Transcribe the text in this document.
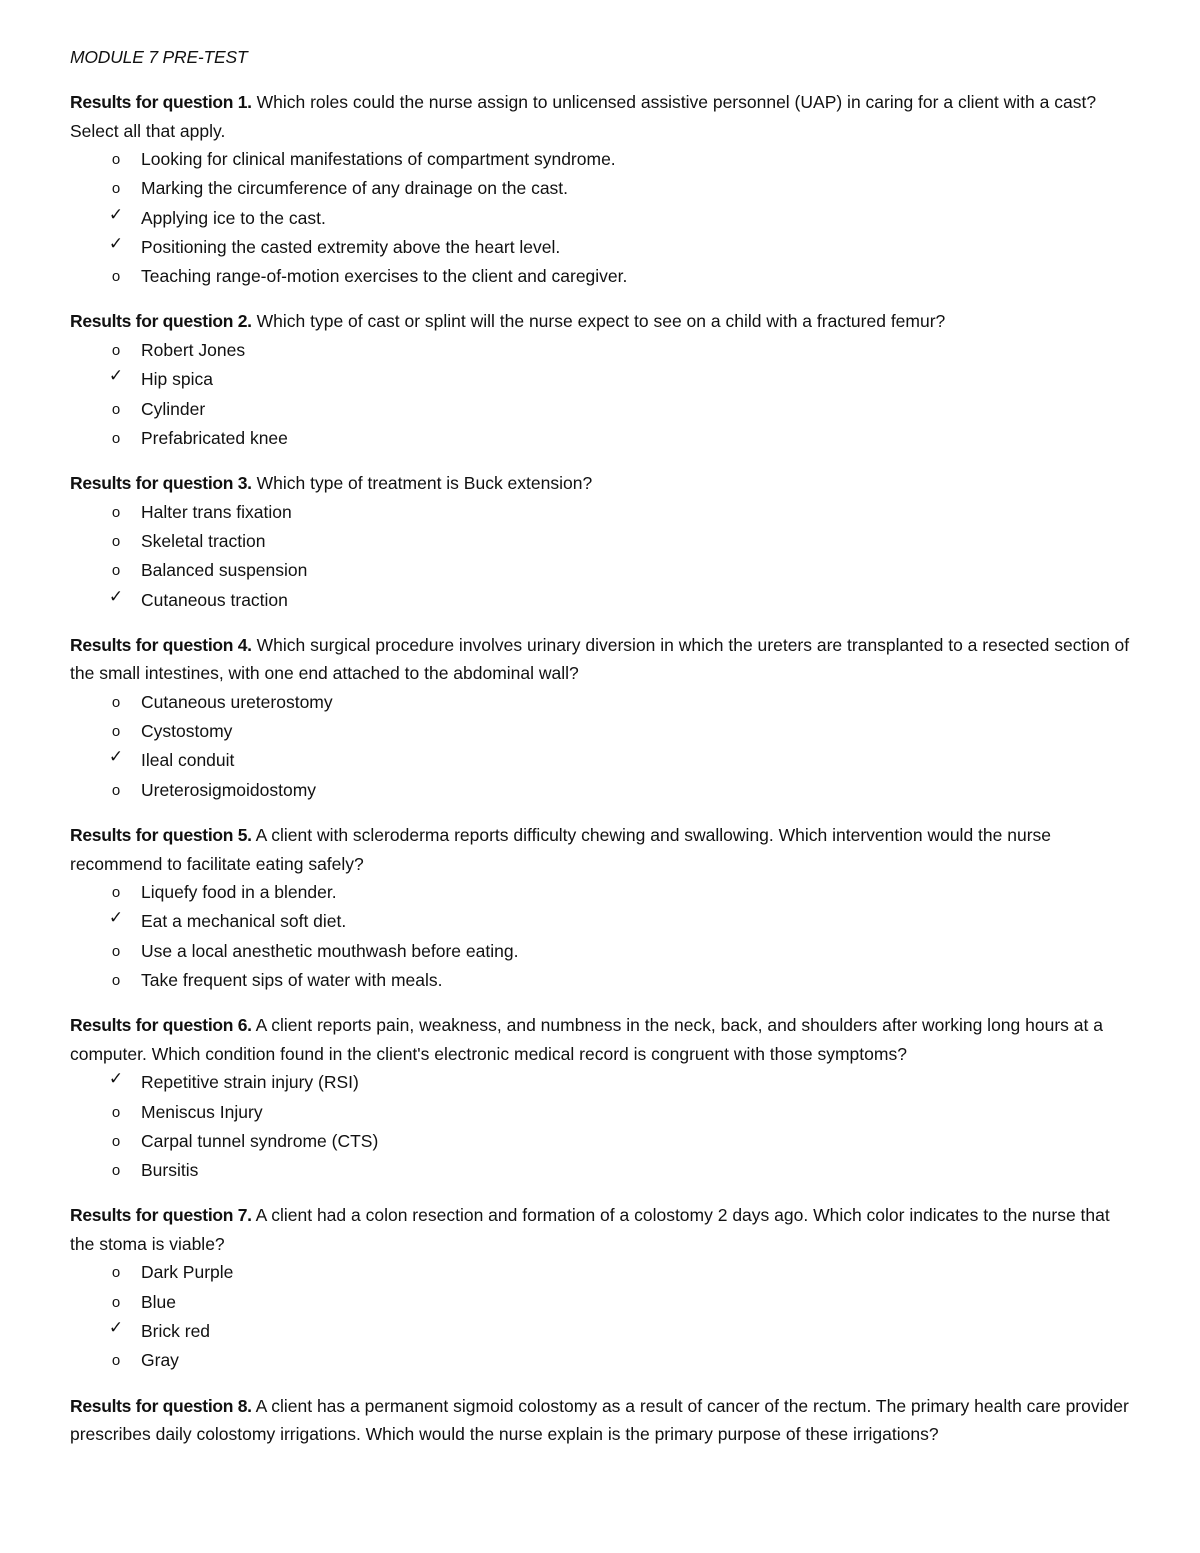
MODULE 7 PRE-TEST

Results for question 1. Which roles could the nurse assign to unlicensed assistive personnel (UAP) in caring for a client with a cast? Select all that apply.

o	Looking for clinical manifestations of compartment syndrome.
o	Marking the circumference of any drainage on the cast.
✓ Applying ice to the cast.
✓ Positioning the casted extremity above the heart level.
o	Teaching range-of-motion exercises to the client and caregiver.

Results for question 2. Which type of cast or splint will the nurse expect to see on a child with a fractured femur?

o	Robert Jones
✓ Hip spica
o	Cylinder
o	Prefabricated knee

Results for question 3. Which type of treatment is Buck extension?

o	Halter trans fixation
o	Skeletal traction
o	Balanced suspension
✓ Cutaneous traction

Results for question 4. Which surgical procedure involves urinary diversion in which the ureters are transplanted to a resected section of the small intestines, with one end attached to the abdominal wall?

o	Cutaneous ureterostomy
o	Cystostomy
✓ Ileal conduit
o	Ureterosigmoidostomy

Results for question 5. A client with scleroderma reports difficulty chewing and swallowing. Which intervention would the nurse recommend to facilitate eating safely?

o	Liquefy food in a blender.
✓ Eat a mechanical soft diet.
o	Use a local anesthetic mouthwash before eating.
o	Take frequent sips of water with meals.

Results for question 6. A client reports pain, weakness, and numbness in the neck, back, and shoulders after working long hours at a computer. Which condition found in the client's electronic medical record is congruent with those symptoms?

✓ Repetitive strain injury (RSI)
o	Meniscus Injury
o	Carpal tunnel syndrome (CTS)
o	Bursitis

Results for question 7. A client had a colon resection and formation of a colostomy 2 days ago. Which color indicates to the nurse that the stoma is viable?

o	Dark Purple
o	Blue
✓ Brick red
o	Gray

Results for question 8. A client has a permanent sigmoid colostomy as a result of cancer of the rectum. The primary health care provider prescribes daily colostomy irrigations. Which would the nurse explain is the primary purpose of these irrigations?
